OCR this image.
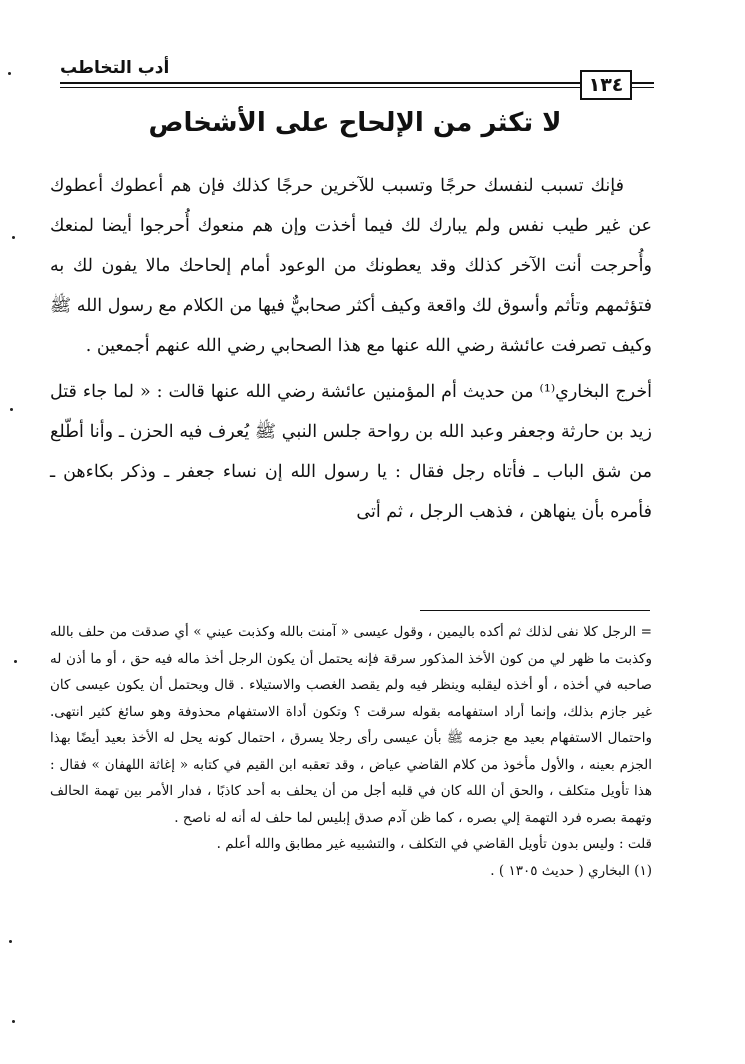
أدب التخاطب
١٣٤
لا تكثر من الإلحاح على الأشخاص

فإنك تسبب لنفسك حرجًا وتسبب للآخرين حرجًا كذلك فإن هم أعطوك أعطوك عن غير طيب نفس ولم يبارك لك فيما أخذت وإن هم منعوك أُحرجوا أيضا لمنعك وأُحرجت أنت الآخر كذلك وقد يعطونك من الوعود أمام إلحاحك مالا يفون لك به فتؤثمهم وتأثم وأسوق لك واقعة وكيف أكثر صحابيٌّ فيها من الكلام مع رسول الله ﷺ وكيف تصرفت عائشة رضي الله عنها مع هذا الصحابي رضي الله عنهم أجمعين .

أخرج البخاري⁽¹⁾ من حديث أم المؤمنين عائشة رضي الله عنها قالت : « لما جاء قتل زيد بن حارثة وجعفر وعبد الله بن رواحة جلس النبي ﷺ يُعرف فيه الحزن ـ وأنا أطّلع من شق الباب ـ فأتاه رجل فقال : يا رسول الله إن نساء جعفر ـ وذكر بكاءهن ـ فأمره بأن ينهاهن ، فذهب الرجل ، ثم أتى

= الرجل كلا نفى لذلك ثم أكده باليمين ، وقول عيسى « آمنت بالله وكذبت عيني » أي صدقت من حلف بالله وكذبت ما ظهر لي من كون الأخذ المذكور سرقة فإنه يحتمل أن يكون الرجل أخذ ماله فيه حق ، أو ما أذن له صاحبه في أخذه ، أو أخذه ليقلبه وينظر فيه ولم يقصد الغصب والاستيلاء . قال ويحتمل أن يكون عيسى كان غير جازم بذلك، وإنما أراد استفهامه بقوله سرقت ؟ وتكون أداة الاستفهام محذوفة وهو سائغ كثير انتهى. واحتمال الاستفهام بعيد مع جزمه ﷺ بأن عيسى رأى رجلا يسرق ، احتمال كونه يحل له الأخذ بعيد أيضًا بهذا الجزم بعينه ، والأول مأخوذ من كلام القاضي عياض ، وقد تعقبه ابن القيم في كتابه « إغاثة اللهفان » فقال : هذا تأويل متكلف ، والحق أن الله كان في قلبه أجل من أن يحلف به أحد كاذبًا ، فدار الأمر بين تهمة الحالف وتهمة بصره فرد التهمة إلي بصره ، كما ظن آدم صدق إبليس لما حلف له أنه له ناصح .

قلت : وليس بدون تأويل القاضي في التكلف ، والتشبيه غير مطابق والله أعلم .

(١) البخاري ( حديث ١٣٠٥ ) .
